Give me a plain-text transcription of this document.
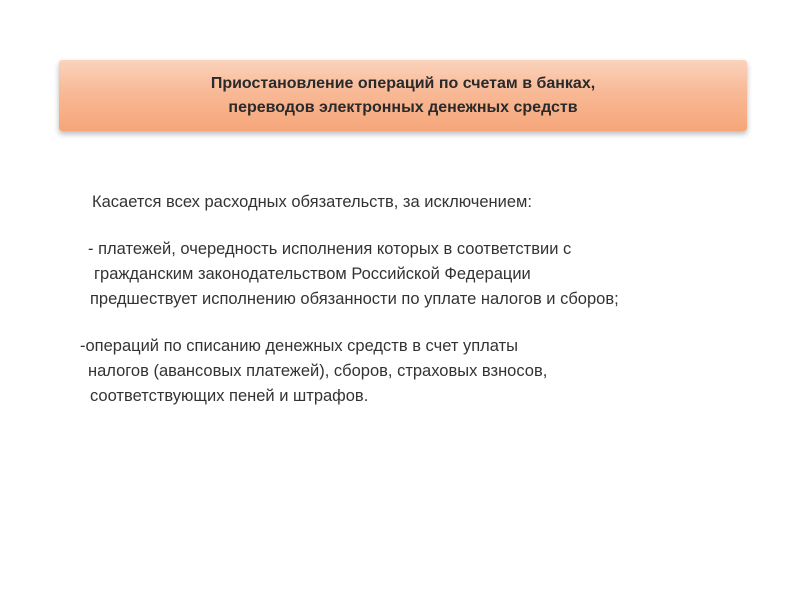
Приостановление операций по счетам в банках,
переводов электронных денежных средств
Касается всех расходных обязательств, за исключением:
- платежей, очередность исполнения которых в соответствии с
гражданским законодательством Российской Федерации
предшествует исполнению обязанности по уплате налогов и сборов;
-операций по списанию денежных средств в счет уплаты
налогов (авансовых платежей), сборов, страховых взносов,
соответствующих пеней и штрафов.
